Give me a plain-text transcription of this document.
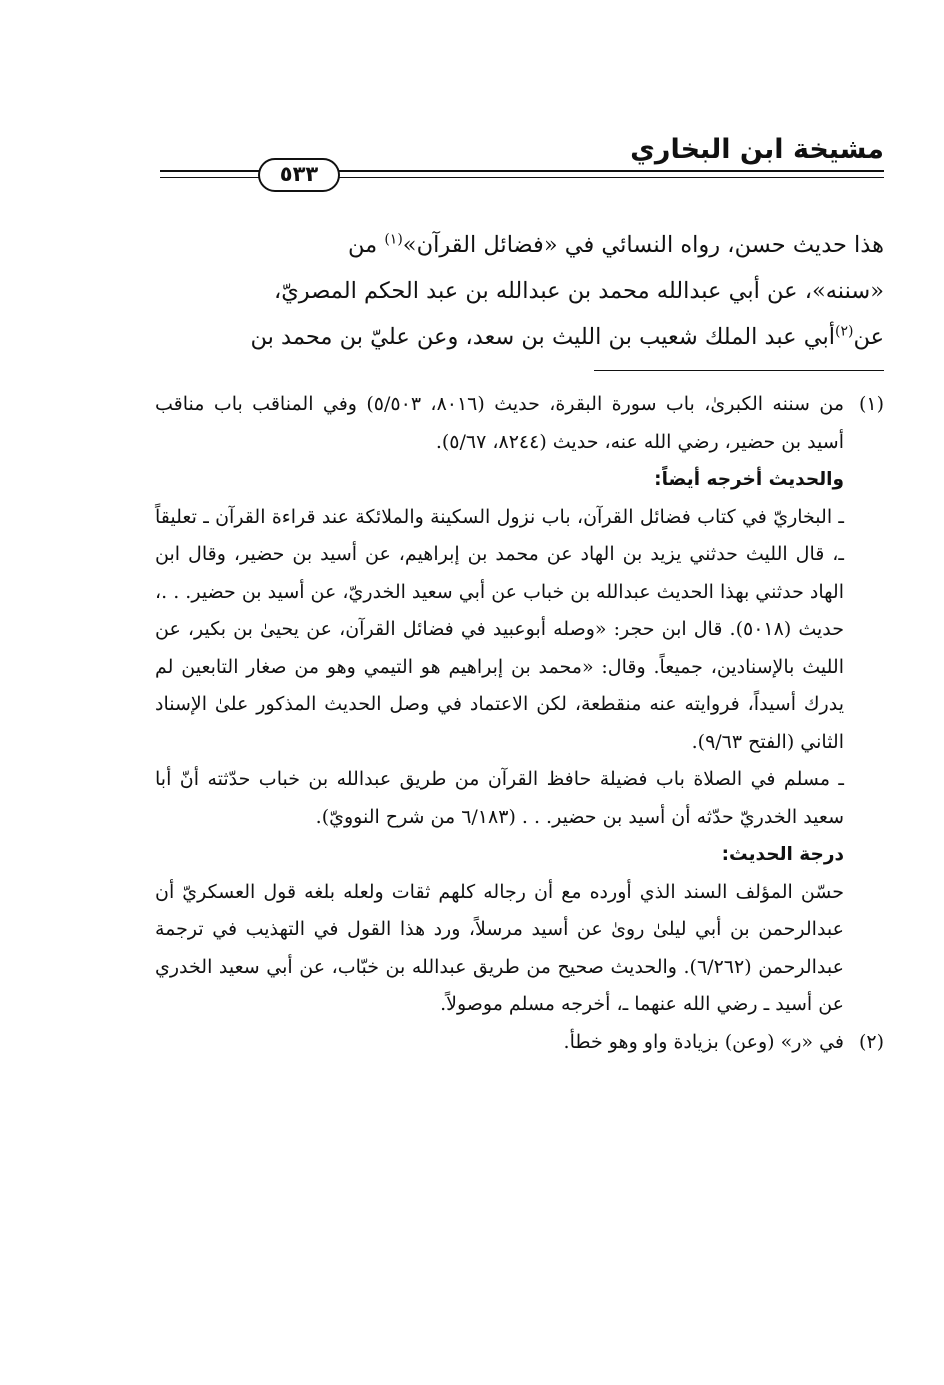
مشيخة ابن البخاري
٥٣٣

هذا حديث حسن، رواه النسائي في «فضائل القرآن»$^{(١)}$ من

«سننه»، عن أبي عبدالله محمد بن عبدالله بن عبد الحكم المصريّ،

عن$^{(٢)}$أبي عبد الملك شعيب بن الليث بن سعد، وعن عليّ بن محمد بن

(١)

من سننه الكبرىٰ، باب سورة البقرة، حديث (٨٠١٦، ٥/٥٠٣) وفي المناقب باب مناقب أسيد بن حضير، رضي الله عنه، حديث (٨٢٤٤، ٥/٦٧).

والحديث أخرجه أيضاً:

ـ البخاريّ في كتاب فضائل القرآن، باب نزول السكينة والملائكة عند قراءة القرآن ـ تعليقاً ـ، قال الليث حدثني يزيد بن الهاد عن محمد بن إبراهيم، عن أسيد بن حضير، وقال ابن الهاد حدثني بهذا الحديث عبدالله بن خباب عن أبي سعيد الخدريّ، عن أسيد بن حضير. . .، حديث (٥٠١٨). قال ابن حجر: «وصله أبوعبيد في فضائل القرآن، عن يحيىٰ بن بكير، عن الليث بالإسنادين، جميعاً. وقال: «محمد بن إبراهيم هو التيمي وهو من صغار التابعين لم يدرك أسيداً، فروايته عنه منقطعة، لكن الاعتماد في وصل الحديث المذكور علىٰ الإسناد الثاني (الفتح ٩/٦٣).

ـ مسلم في الصلاة باب فضيلة حافظ القرآن من طريق عبدالله بن خباب حدّثته أنّ أبا سعيد الخدريّ حدّثه أن أسيد بن حضير. . . (٦/١٨٣ من شرح النوويّ).

درجة الحديث:

حسّن المؤلف السند الذي أورده مع أن رجاله كلهم ثقات ولعله بلغه قول العسكريّ أن عبدالرحمن بن أبي ليلىٰ روىٰ عن أسيد مرسلاً، ورد هذا القول في التهذيب في ترجمة عبدالرحمن (٦/٢٦٢). والحديث صحيح من طريق عبدالله بن خبّاب، عن أبي سعيد الخدري عن أسيد ـ رضي الله عنهما ـ، أخرجه مسلم موصولاً.

(٢)

في «ر» (وعن) بزيادة واو وهو خطأ.
